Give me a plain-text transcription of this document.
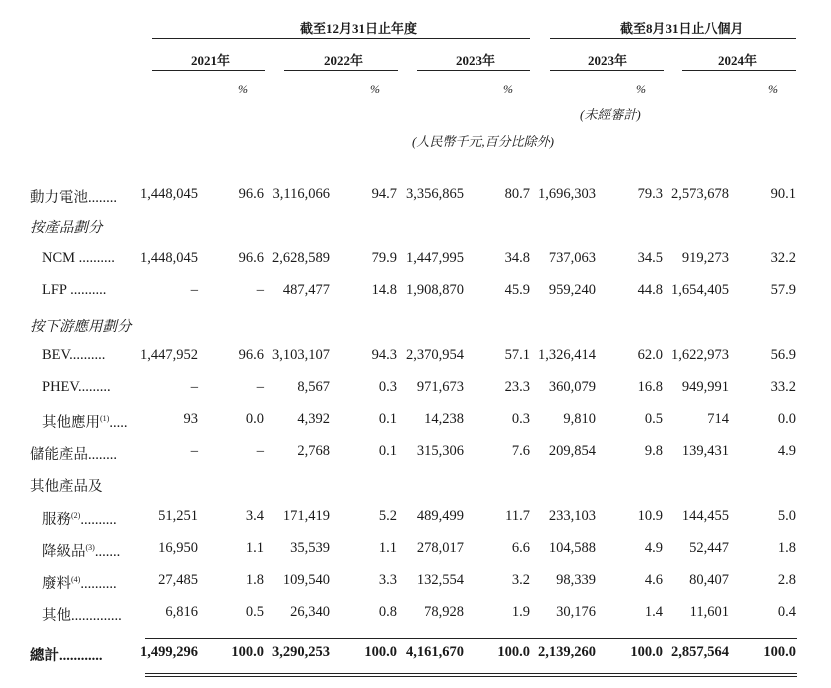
截至12月31日止年度	截至8月31日止八個月
2021年	2022年	2023年	2023年	2024年
%	%	%	%	%
(未經審計)
(人民幣千元,百分比除外)
動力電池........ 1,448,045	96.6 3,116,066	94.7 3,356,865	80.7 1,696,303	79.3 2,573,678	90.1
按產品劃分
NCM .......... 1,448,045	96.6 2,628,589	79.9 1,447,995	34.8 737,063	34.5 919,273	32.2
LFP ..........	–	– 487,477	14.8 1,908,870	45.9 959,240	44.8 1,654,405	57.9
按下游應用劃分
BEV.......... 1,447,952	96.6 3,103,107	94.3 2,370,954	57.1 1,326,414	62.0 1,622,973	56.9
PHEV.........	–	– 8,567	0.3 971,673	23.3 360,079	16.8 949,991	33.2
其他應用$^{(1)}$.....	93	0.0 4,392	0.1 14,238	0.3 9,810	0.5	714	0.0
儲能產品........	–	– 2,768	0.1 315,306	7.6 209,854	9.8 139,431	4.9
其他產品及
服務$^{(2)}$..........	51,251	3.4 171,419	5.2 489,499	11.7 233,103	10.9 144,455	5.0
降級品$^{(3)}$.......	16,950	1.1 35,539	1.1 278,017	6.6 104,588	4.9 52,447	1.8
廢料$^{(4)}$..........	27,485	1.8 109,540	3.3 132,554	3.2 98,339	4.6 80,407	2.8
其他..............	6,816	0.5 26,340	0.8 78,928	1.9 30,176	1.4 11,601	0.4
總計............	1,499,296 100.0 3,290,253 100.0 4,161,670 100.0 2,139,260 100.0 2,857,564 100.0
